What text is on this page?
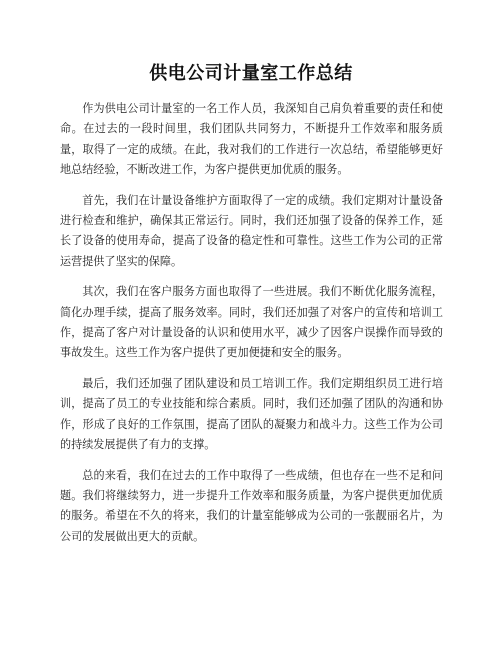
供电公司计量室工作总结

作为供电公司计量室的一名工作人员，我深知自己肩负着重要的责任和使命。在过去的一段时间里，我们团队共同努力，不断提升工作效率和服务质量，取得了一定的成绩。在此，我对我们的工作进行一次总结，希望能够更好地总结经验，不断改进工作，为客户提供更加优质的服务。

首先，我们在计量设备维护方面取得了一定的成绩。我们定期对计量设备进行检查和维护，确保其正常运行。同时，我们还加强了设备的保养工作，延长了设备的使用寿命，提高了设备的稳定性和可靠性。这些工作为公司的正常运营提供了坚实的保障。

其次，我们在客户服务方面也取得了一些进展。我们不断优化服务流程，简化办理手续，提高了服务效率。同时，我们还加强了对客户的宣传和培训工作，提高了客户对计量设备的认识和使用水平，减少了因客户误操作而导致的事故发生。这些工作为客户提供了更加便捷和安全的服务。

最后，我们还加强了团队建设和员工培训工作。我们定期组织员工进行培训，提高了员工的专业技能和综合素质。同时，我们还加强了团队的沟通和协作，形成了良好的工作氛围，提高了团队的凝聚力和战斗力。这些工作为公司的持续发展提供了有力的支撑。

总的来看，我们在过去的工作中取得了一些成绩，但也存在一些不足和问题。我们将继续努力，进一步提升工作效率和服务质量，为客户提供更加优质的服务。希望在不久的将来，我们的计量室能够成为公司的一张靓丽名片，为公司的发展做出更大的贡献。
